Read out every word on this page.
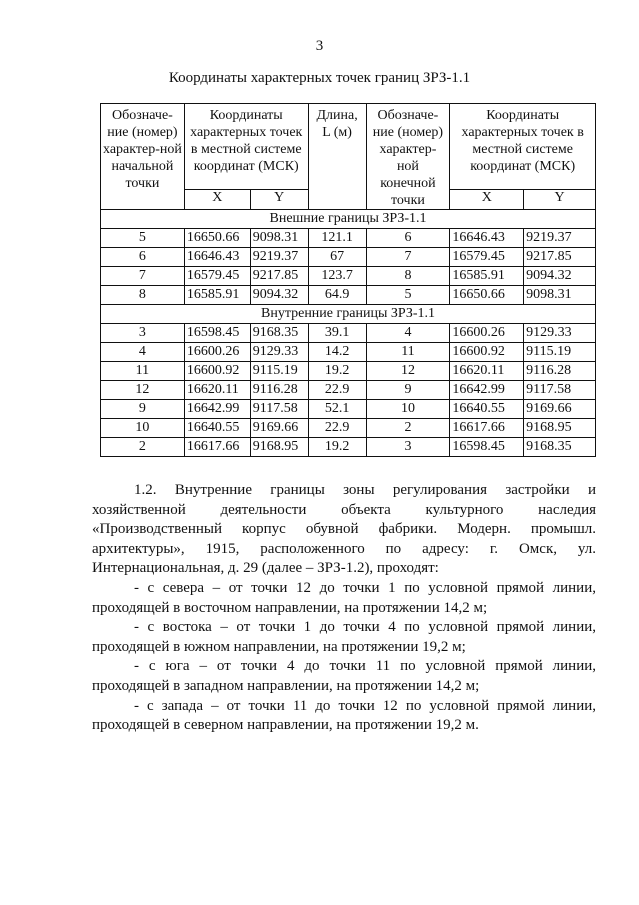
3
Координаты характерных точек границ ЗРЗ-1.1
Обозначе-ние (номер) характер-ной начальной точки	Координаты характерных точек в местной системе координат (МСК)		Длина, L (м)	Обозначе-ние (номер) характер-ной конечной точки	Координаты характерных точек в местной системе координат (МСК)	
	X	Y			X	Y
Внешние границы ЗРЗ-1.1						
5	16650.66	9098.31	121.1	6	16646.43	9219.37
6	16646.43	9219.37	67	7	16579.45	9217.85
7	16579.45	9217.85	123.7	8	16585.91	9094.32
8	16585.91	9094.32	64.9	5	16650.66	9098.31
Внутренние границы ЗРЗ-1.1						
3	16598.45	9168.35	39.1	4	16600.26	9129.33
4	16600.26	9129.33	14.2	11	16600.92	9115.19
11	16600.92	9115.19	19.2	12	16620.11	9116.28
12	16620.11	9116.28	22.9	9	16642.99	9117.58
9	16642.99	9117.58	52.1	10	16640.55	9169.66
10	16640.55	9169.66	22.9	2	16617.66	9168.95
2	16617.66	9168.95	19.2	3	16598.45	9168.35

1.2. Внутренние границы зоны регулирования застройки и хозяйственной деятельности объекта культурного наследия «Производственный корпус обувной фабрики. Модерн. промышл. архитектуры», 1915, расположенного по адресу: г. Омск, ул. Интернациональная, д. 29 (далее – ЗРЗ-1.2), проходят:

- с севера – от точки 12 до точки 1 по условной прямой линии, проходящей в восточном направлении, на протяжении 14,2 м;

- с востока – от точки 1 до точки 4 по условной прямой линии, проходящей в южном направлении, на протяжении 19,2 м;

- с юга – от точки 4 до точки 11 по условной прямой линии, проходящей в западном направлении, на протяжении 14,2 м;

- с запада – от точки 11 до точки 12 по условной прямой линии, проходящей в северном направлении, на протяжении 19,2 м.
